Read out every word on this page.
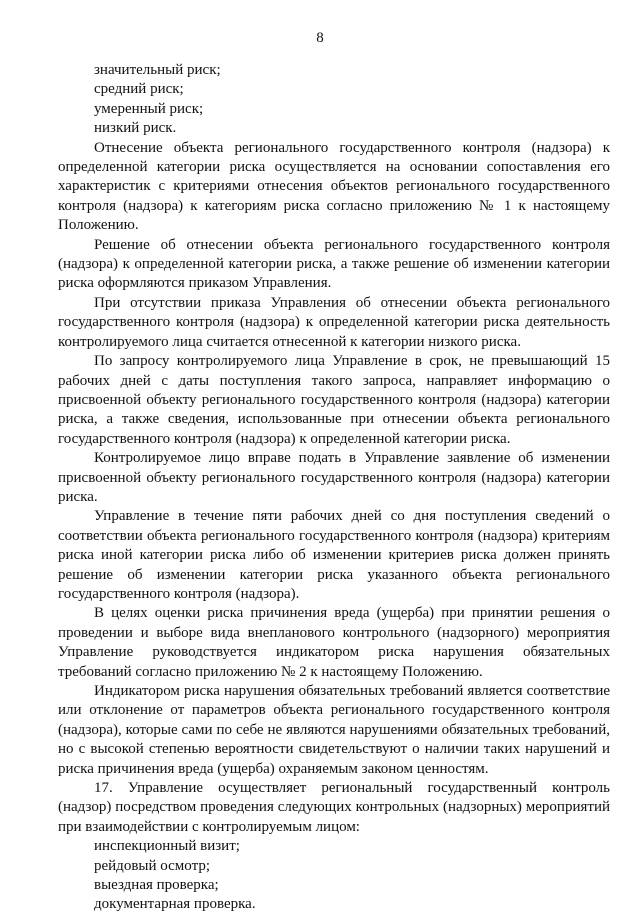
8

значительный риск;

средний риск;

умеренный риск;

низкий риск.

Отнесение объекта регионального государственного контроля (надзора) к определенной категории риска осуществляется на основании сопоставления его характеристик с критериями отнесения объектов регионального государственного контроля (надзора) к категориям риска согласно приложению № 1 к настоящему Положению.

Решение об отнесении объекта регионального государственного контроля (надзора) к определенной категории риска, а также решение об изменении категории риска оформляются приказом Управления.

При отсутствии приказа Управления об отнесении объекта регионального государственного контроля (надзора) к определенной категории риска деятельность контролируемого лица считается отнесенной к категории низкого риска.

По запросу контролируемого лица Управление в срок, не превышающий 15 рабочих дней с даты поступления такого запроса, направляет информацию о присвоенной объекту регионального государственного контроля (надзора) категории риска, а также сведения, использованные при отнесении объекта регионального государственного контроля (надзора) к определенной категории риска.

Контролируемое лицо вправе подать в Управление заявление об изменении присвоенной объекту регионального государственного контроля (надзора) категории риска.

Управление в течение пяти рабочих дней со дня поступления сведений о соответствии объекта регионального государственного контроля (надзора) критериям риска иной категории риска либо об изменении критериев риска должен принять решение об изменении категории риска указанного объекта регионального государственного контроля (надзора).

В целях оценки риска причинения вреда (ущерба) при принятии решения о проведении и выборе вида внепланового контрольного (надзорного) мероприятия Управление руководствуется индикатором риска нарушения обязательных требований согласно приложению № 2 к настоящему Положению.

Индикатором риска нарушения обязательных требований является соответствие или отклонение от параметров объекта регионального государственного контроля (надзора), которые сами по себе не являются нарушениями обязательных требований, но с высокой степенью вероятности свидетельствуют о наличии таких нарушений и риска причинения вреда (ущерба) охраняемым законом ценностям.

17. Управление осуществляет региональный государственный контроль (надзор) посредством проведения следующих контрольных (надзорных) мероприятий при взаимодействии с контролируемым лицом:

инспекционный визит;

рейдовый осмотр;

выездная проверка;

документарная проверка.
